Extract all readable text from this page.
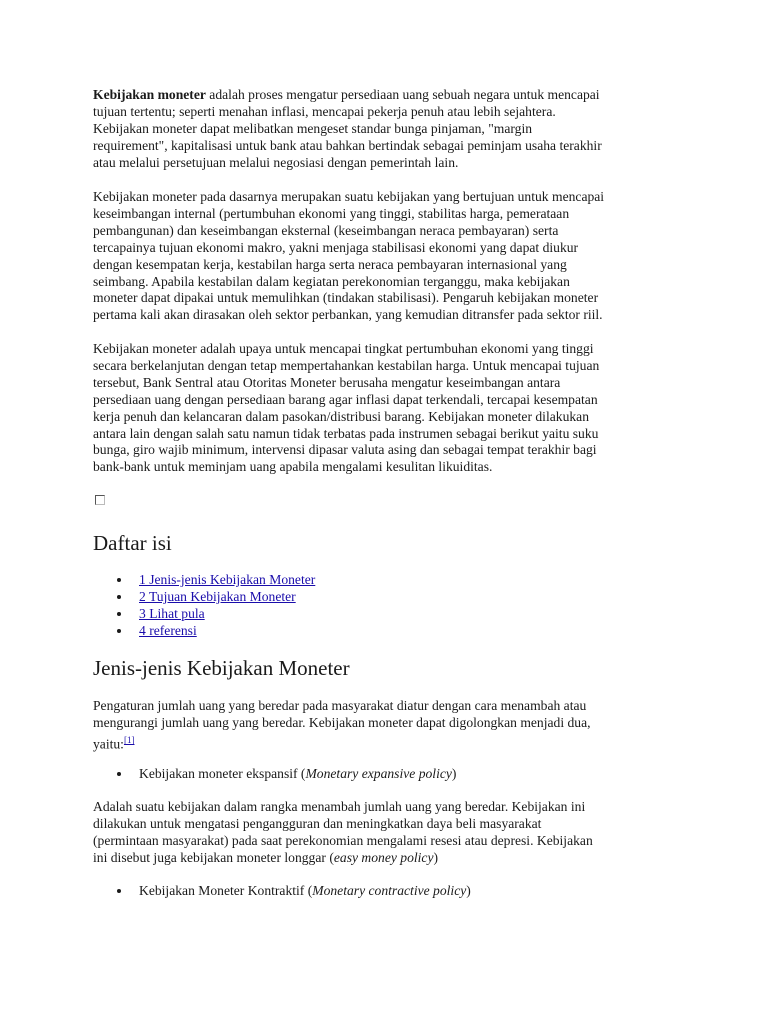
Kebijakan moneter adalah proses mengatur persediaan uang sebuah negara untuk mencapai
tujuan tertentu; seperti menahan inflasi, mencapai pekerja penuh atau lebih sejahtera.
Kebijakan moneter dapat melibatkan mengeset standar bunga pinjaman, "margin
requirement", kapitalisasi untuk bank atau bahkan bertindak sebagai peminjam usaha terakhir
atau melalui persetujuan melalui negosiasi dengan pemerintah lain.

Kebijakan moneter pada dasarnya merupakan suatu kebijakan yang bertujuan untuk mencapai
keseimbangan internal (pertumbuhan ekonomi yang tinggi, stabilitas harga, pemerataan
pembangunan) dan keseimbangan eksternal (keseimbangan neraca pembayaran) serta
tercapainya tujuan ekonomi makro, yakni menjaga stabilisasi ekonomi yang dapat diukur
dengan kesempatan kerja, kestabilan harga serta neraca pembayaran internasional yang
seimbang. Apabila kestabilan dalam kegiatan perekonomian terganggu, maka kebijakan
moneter dapat dipakai untuk memulihkan (tindakan stabilisasi). Pengaruh kebijakan moneter
pertama kali akan dirasakan oleh sektor perbankan, yang kemudian ditransfer pada sektor riil.

Kebijakan moneter adalah upaya untuk mencapai tingkat pertumbuhan ekonomi yang tinggi
secara berkelanjutan dengan tetap mempertahankan kestabilan harga. Untuk mencapai tujuan
tersebut, Bank Sentral atau Otoritas Moneter berusaha mengatur keseimbangan antara
persediaan uang dengan persediaan barang agar inflasi dapat terkendali, tercapai kesempatan
kerja penuh dan kelancaran dalam pasokan/distribusi barang. Kebijakan moneter dilakukan
antara lain dengan salah satu namun tidak terbatas pada instrumen sebagai berikut yaitu suku
bunga, giro wajib minimum, intervensi dipasar valuta asing dan sebagai tempat terakhir bagi
bank-bank untuk meminjam uang apabila mengalami kesulitan likuiditas.

Daftar isi
1 Jenis-jenis Kebijakan Moneter
2 Tujuan Kebijakan Moneter
3 Lihat pula
4 referensi
Jenis-jenis Kebijakan Moneter

Pengaturan jumlah uang yang beredar pada masyarakat diatur dengan cara menambah atau
mengurangi jumlah uang yang beredar. Kebijakan moneter dapat digolongkan menjadi dua,
yaitu:[1]

Kebijakan moneter ekspansif (Monetary expansive policy)

Adalah suatu kebijakan dalam rangka menambah jumlah uang yang beredar. Kebijakan ini
dilakukan untuk mengatasi pengangguran dan meningkatkan daya beli masyarakat
(permintaan masyarakat) pada saat perekonomian mengalami resesi atau depresi. Kebijakan
ini disebut juga kebijakan moneter longgar (easy money policy)

Kebijakan Moneter Kontraktif (Monetary contractive policy)
